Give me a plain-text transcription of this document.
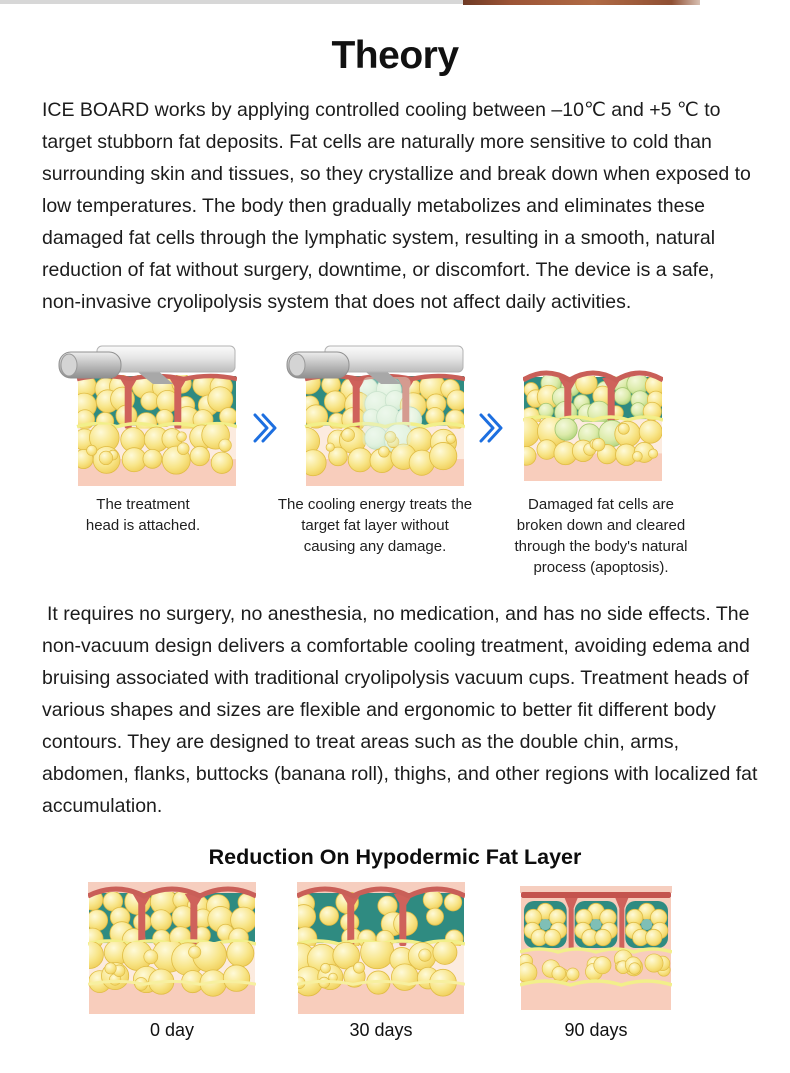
Theory

ICE BOARD works by applying controlled cooling between –10℃ and +5 ℃ to target stubborn fat deposits. Fat cells are naturally more sensitive to cold than surrounding skin and tissues, so they crystallize and break down when exposed to low temperatures. The body then gradually metabolizes and eliminates these damaged fat cells through the lymphatic system, resulting in a smooth, natural reduction of fat without surgery, downtime, or discomfort. The device is a safe, non-invasive cryolipolysis system that does not affect daily activities.

The treatment head is attached.
The cooling energy treats the target fat layer without causing any damage.
Damaged fat cells are broken down and cleared through the body's natural process (apoptosis).

It requires no surgery, no anesthesia, no medication, and has no side effects. The non-vacuum design delivers a comfortable cooling treatment, avoiding edema and bruising associated with traditional cryolipolysis vacuum cups. Treatment heads of various shapes and sizes are flexible and ergonomic to better fit different body contours. They are designed to treat areas such as the double chin, arms, abdomen, flanks, buttocks (banana roll), thighs, and other regions with localized fat accumulation.

Reduction On Hypodermic Fat Layer
0 day	30 days	90 days
